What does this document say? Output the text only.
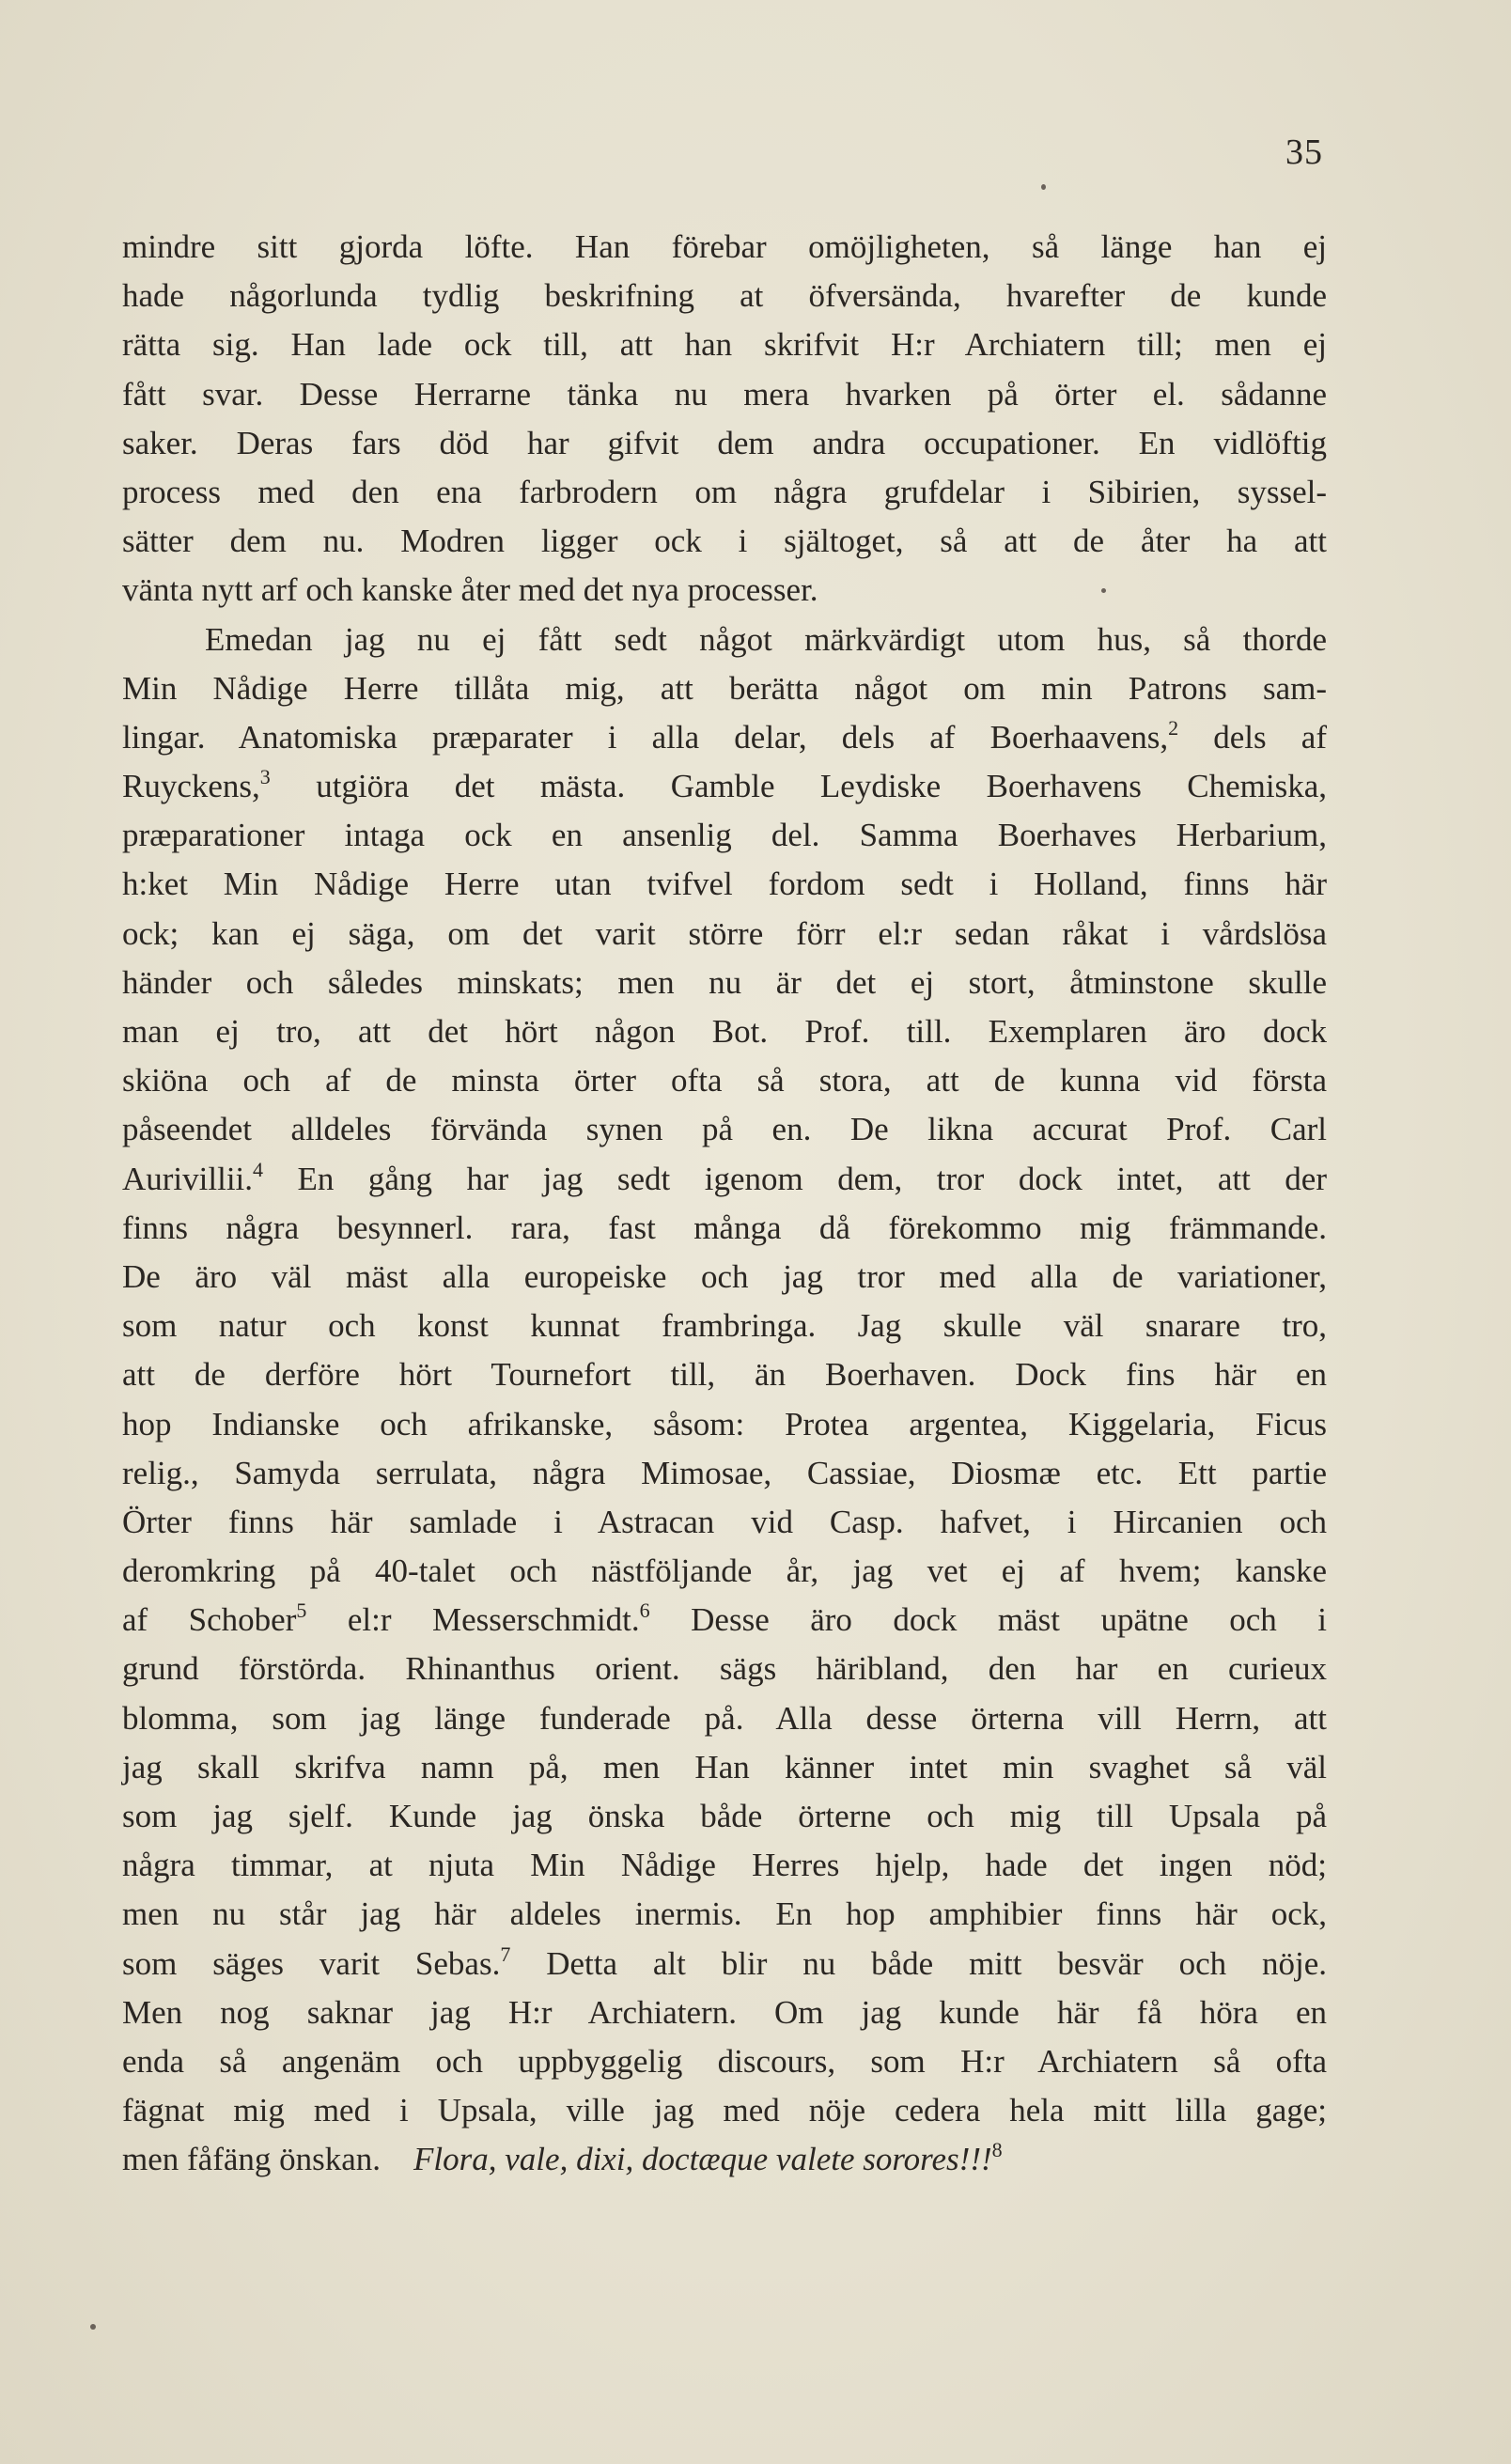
35
mindre sitt gjorda löfte. Han förebar omöjligheten, så länge han ej
hade någorlunda tydlig beskrifning at öfversända, hvarefter de kunde
rätta sig. Han lade ock till, att han skrifvit H:r Archiatern till; men ej
fått svar. Desse Herrarne tänka nu mera hvarken på örter el. sådanne
saker. Deras fars död har gifvit dem andra occupationer. En vidlöftig
process med den ena farbrodern om några grufdelar i Sibirien, syssel-
sätter dem nu. Modren ligger ock i själtoget, så att de åter ha att
vänta nytt arf och kanske åter med det nya processer.
Emedan jag nu ej fått sedt något märkvärdigt utom hus, så thorde
Min Nådige Herre tillåta mig, att berätta något om min Patrons sam-
lingar. Anatomiska præparater i alla delar, dels af Boerhaavens,$^2$ dels af
Ruyckens,$^3$ utgiöra det mästa. Gamble Leydiske Boerhavens Chemiska,
præparationer intaga ock en ansenlig del. Samma Boerhaves Herbarium,
h:ket Min Nådige Herre utan tvifvel fordom sedt i Holland, finns här
ock; kan ej säga, om det varit större förr el:r sedan råkat i vårdslösa
händer och således minskats; men nu är det ej stort, åtminstone skulle
man ej tro, att det hört någon Bot. Prof. till. Exemplaren äro dock
skiöna och af de minsta örter ofta så stora, att de kunna vid första
påseendet alldeles förvända synen på en. De likna accurat Prof. Carl
Aurivillii.$^4$ En gång har jag sedt igenom dem, tror dock intet, att der
finns några besynnerl. rara, fast många då förekommo mig främmande.
De äro väl mäst alla europeiske och jag tror med alla de variationer,
som natur och konst kunnat frambringa. Jag skulle väl snarare tro,
att de derföre hört Tournefort till, än Boerhaven. Dock fins här en
hop Indianske och afrikanske, såsom: Protea argentea, Kiggelaria, Ficus
relig., Samyda serrulata, några Mimosae, Cassiae, Diosmæ etc. Ett partie
Örter finns här samlade i Astracan vid Casp. hafvet, i Hircanien och
deromkring på 40-talet och nästföljande år, jag vet ej af hvem; kanske
af Schober$^5$ el:r Messerschmidt.$^6$ Desse äro dock mäst upätne och i
grund förstörda. Rhinanthus orient. sägs häribland, den har en curieux
blomma, som jag länge funderade på. Alla desse örterna vill Herrn, att
jag skall skrifva namn på, men Han känner intet min svaghet så väl
som jag sjelf. Kunde jag önska både örterne och mig till Upsala på
några timmar, at njuta Min Nådige Herres hjelp, hade det ingen nöd;
men nu står jag här aldeles inermis. En hop amphibier finns här ock,
som säges varit Sebas.$^7$ Detta alt blir nu både mitt besvär och nöje.
Men nog saknar jag H:r Archiatern. Om jag kunde här få höra en
enda så angenäm och uppbyggelig discours, som H:r Archiatern så ofta
fägnat mig med i Upsala, ville jag med nöje cedera hela mitt lilla gage;
men fåfäng önskan. Flora, vale, dixi, doctæque valete sorores!!!$^8$
